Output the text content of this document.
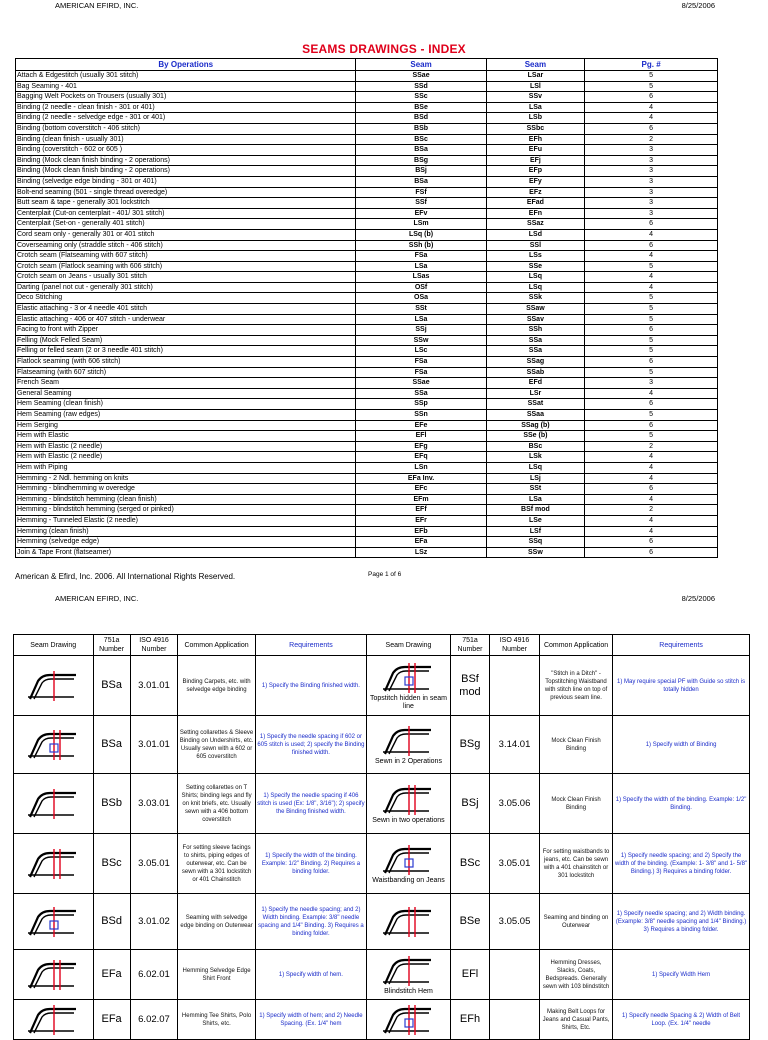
AMERICAN EFIRD, INC.	8/25/2006
SEAMS DRAWINGS - INDEX
By Operations	Seam			Seam	Pg. #
Attach & Edgestitch (usually 301 stitch)	SSae			LSar	5
Bag Seaming - 401	SSd			LSl	5
Bagging Welt Pockets on Trousers (usually 301)	SSc			SSv	6
Binding (2 needle - clean finish - 301 or 401)	BSe			LSa	4
Binding (2 needle - selvedge edge - 301 or 401)	BSd			LSb	4
Binding (bottom coverstitch - 406 stitch)	BSb			SSbc	6
Binding (clean finish - usually 301)	BSc			EFh	2
Binding (coverstitch - 602 or 605 )	BSa			EFu	3
Binding (Mock clean finish binding - 2 operations)	BSg			EFj	3
Binding (Mock clean finish binding - 2 operations)	BSj			EFp	3
Binding (selvedge edge binding - 301 or 401)	BSa			EFy	3
Bolt-end seaming (501 - single thread overedge)	FSf			EFz	3
Butt seam & tape - generally 301 lockstitch	SSf			EFad	3
Centerplait (Cut-on centerplait - 401/ 301 stitch)	EFv			EFn	3
Centerplait (Set-on - generally 401 stitch)	LSm			SSaz	6
Cord seam only - generally 301 or 401 stitch	LSq (b)			LSd	4
Coverseaming only (straddle stitch - 406 stitch)	SSh (b)			SSl	6
Crotch seam (Flatseaming with 607 stitch)	FSa			LSs	4
Crotch seam (Flatlock seaming with 606 stitch)	LSa			SSe	5
Crotch seam on Jeans - usually 301 stitch	LSas			LSq	4
Darting (panel not cut - generally 301 stitch)	OSf			LSq	4
Deco Stitching	OSa			SSk	5
Elastic attaching - 3 or 4 needle 401 stitch	SSt			SSaw	5
Elastic attaching - 406 or 407 stitch - underwear	LSa			SSav	5
Facing to front with Zipper	SSj			SSh	6
Felling (Mock Felled Seam)	SSw			SSa	5
Felling or felled seam (2 or 3 needle 401 stitch)	LSc			SSa	5
Flatlock seaming (with 606 stitch)	FSa			SSag	6
Flatseaming (with 607 stitch)	FSa			SSab	5
French Seam	SSae			EFd	3
General Seaming	SSa			LSr	4
Hem Seaming (clean finish)	SSp			SSat	6
Hem Seaming (raw edges)	SSn			SSaa	5
Hem Serging	EFe			SSag (b)	6
Hem with Elastic	EFl			SSe (b)	5
Hem with Elastic (2 needle)	EFg			BSc	2
Hem with Elastic (2 needle)	EFq			LSk	4
Hem with Piping	LSn			LSq	4
Hemming - 2 Ndl. hemming on knits	EFa Inv.			LSj	4
Hemming - blindhemming w overedge	EFc			SSt	6
Hemming - blindstitch hemming (clean finish)	EFm			LSa	4
Hemming - blindstitch hemming (serged or pinked)	EFf			BSf mod	2
Hemming - Tunneled Elastic (2 needle)	EFr			LSe	4
Hemming (clean finish)	EFb			LSf	4
Hemming (selvedge edge)	EFa			SSq	6
Join & Tape Front (flatseamer)	LSz			SSw	6
American & Efird, Inc. 2006. All International Rights Reserved.	Page 1 of 6
AMERICAN EFIRD, INC.	8/25/2006
Seam Drawing	751a Number	ISO 4916 Number	Common Application	Requirements	Seam Drawing	751a Number	ISO 4916 Number	Common Application	Requirements

	BSa	3.01.01	Binding Carpets, etc. with selvedge edge binding	1) Specify the Binding finished width.	Topstitch hidden in seam line	BSf mod		"Stitch in a Ditch" - Topstitching Waistband with stitch line on top of previous seam line.	1) May require special PF with Guide so stitch is totally hidden

	BSa	3.01.01	Setting collarettes & Sleeve Binding on Undershirts, etc. Usually sewn with a 602 or 605 coverstitch	1) Specify the needle spacing if 602 or 605 stitch is used; 2) specify the Binding finished width.	Sewn in 2 Operations	BSg	3.14.01	Mock Clean Finish Binding	1) Specify width of Binding

	BSb	3.03.01	Setting collarettes on T Shirts; binding legs and fly on knit briefs, etc. Usually sewn with a 406 bottom coverstitch	1) Specify the needle spacing if 406 stitch is used (Ex: 1/8", 3/16"); 2) specify the Binding finished width.	Sewn in two operations	BSj	3.05.06	Mock Clean Finish Binding	1) Specify the width of the binding. Example: 1/2" Binding.

	BSc	3.05.01	For setting sleeve facings to shirts, piping edges of outerwear, etc. Can be sewn with a 301 lockstitch or 401 Chainstitch	1) Specify the width of the binding. Example: 1/2" Binding. 2) Requires a binding folder.	Waistbanding on Jeans	BSc	3.05.01	For setting waistbands to jeans, etc. Can be sewn with a 401 chainstitch or 301 lockstitch	1) Specify needle spacing; and 2) Specify the width of the binding. (Example: 1- 3/8" and 1- 5/8" Binding.) 3) Requires a binding folder.

	BSd	3.01.02	Seaming with selvedge edge binding on Outerwear	1) Specify the needle spacing; and 2) Width binding. Example: 3/8" needle spacing and 1/4" Binding. 3) Requires a binding folder.		BSe	3.05.05	Seaming and binding on Outerwear	1) Specify needle spacing; and 2) Width binding. (Example: 3/8" needle spacing and 1/4" Binding.) 3) Requires a binding folder.

	EFa	6.02.01	Hemming Selvedge Edge Shirt Front	1) Specify width of hem.	Blindstitch Hem	EFl		Hemming Dresses, Slacks, Coats, Bedspreads. Generally sewn with 103 blindstitch	1) Specify Width Hem

	EFa	6.02.07	Hemming Tee Shirts, Polo Shirts, etc.	1) Specify width of hem; and 2) Needle Spacing. (Ex. 1/4" hem		EFh		Making Belt Loops for Jeans and Casual Pants, Shirts, Etc.	1) Specify needle Spacing & 2) Width of Belt Loop. (Ex. 1/4" needle
